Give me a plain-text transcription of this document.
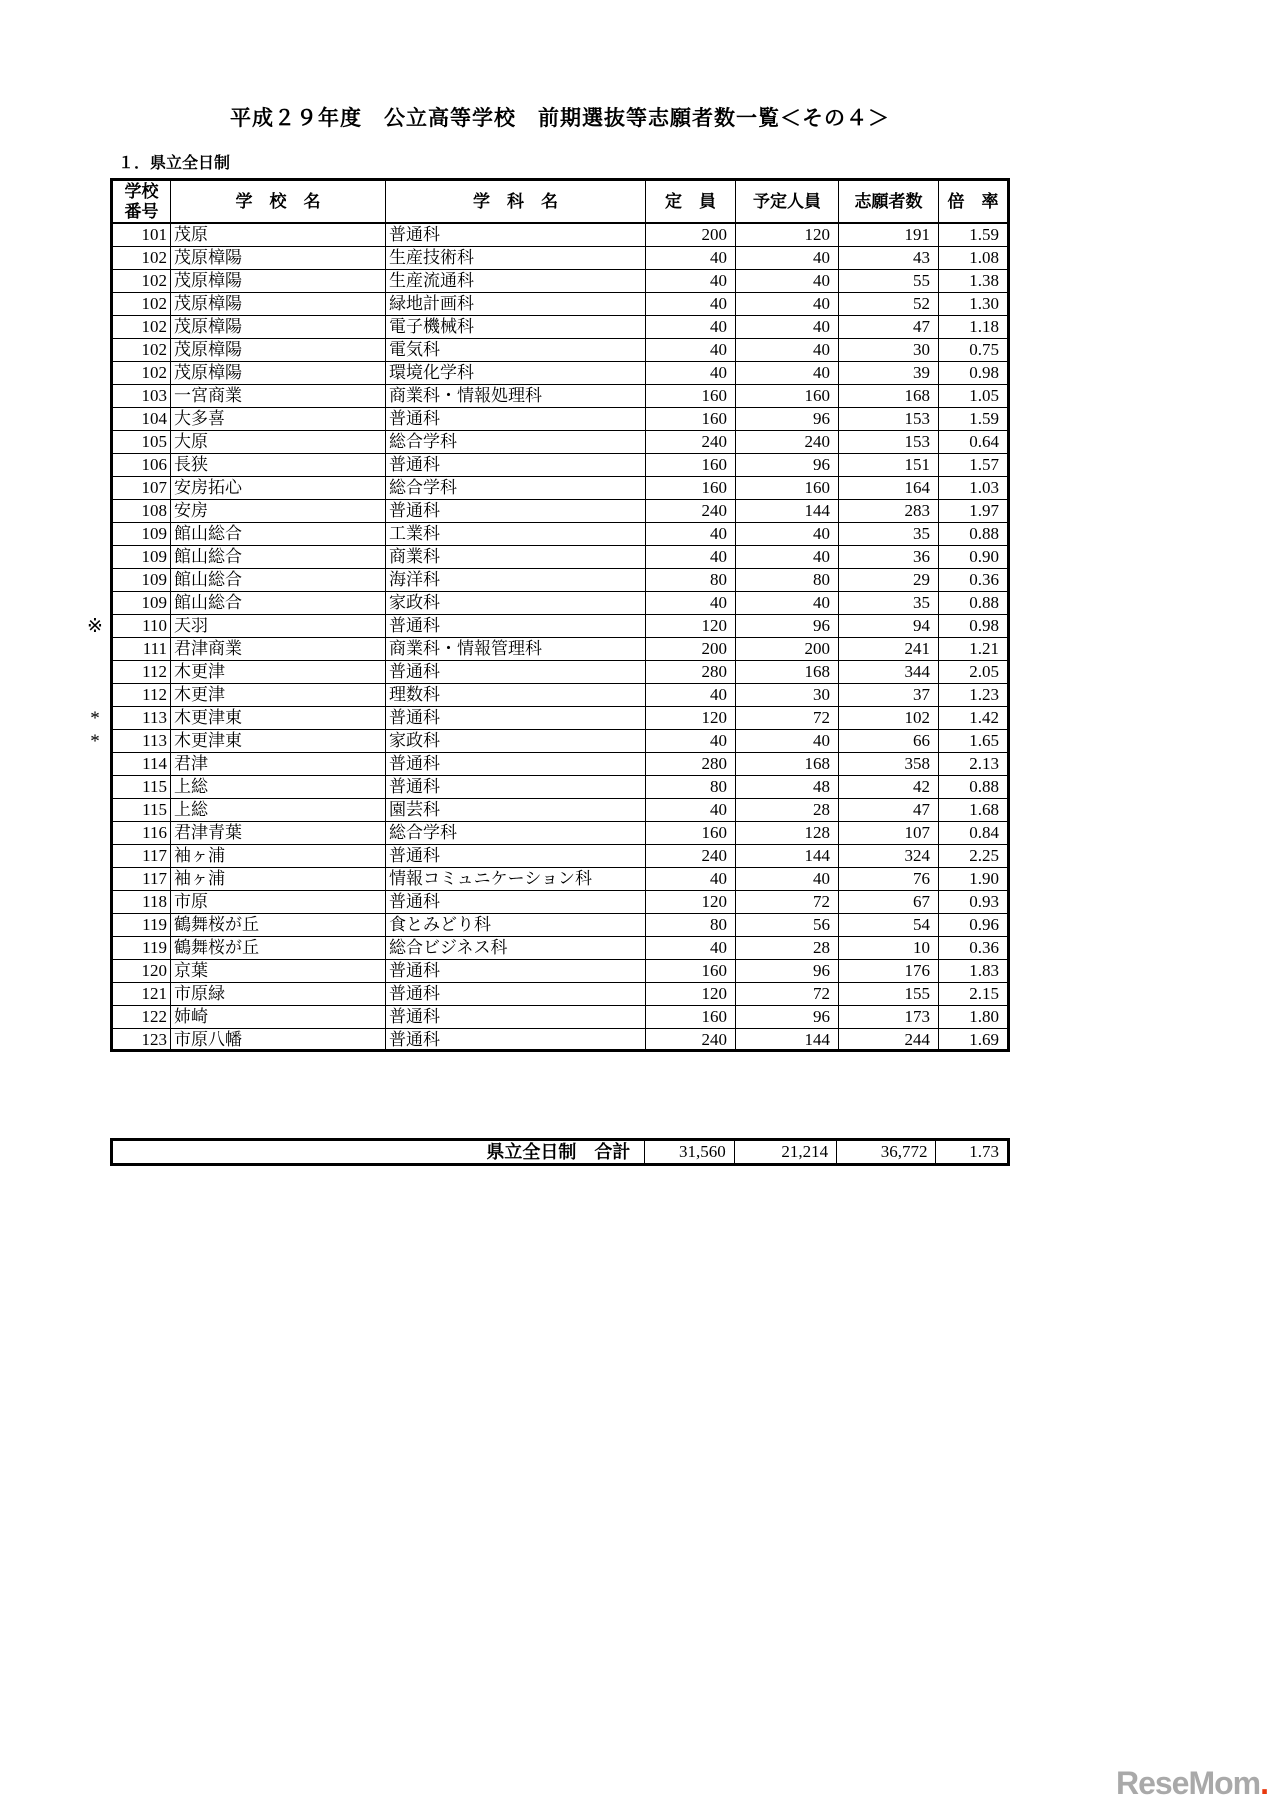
平成２９年度　公立高等学校　前期選抜等志願者数一覧＜その４＞
１．県立全日制
学校
番号
学　校　名	学　科　名	定　員 予定人員 志願者数 倍　率
101 茂原	普通科	200	120	191	1.59
102 茂原樟陽	生産技術科	40	40	43	1.08
102 茂原樟陽	生産流通科	40	40	55	1.38
102 茂原樟陽	緑地計画科	40	40	52	1.30
102 茂原樟陽	電子機械科	40	40	47	1.18
102 茂原樟陽	電気科	40	40	30	0.75
102 茂原樟陽	環境化学科	40	40	39	0.98
103 一宮商業	商業科・情報処理科	160	160	168	1.05
104 大多喜	普通科	160	96	153	1.59
105 大原	総合学科	240	240	153	0.64
106 長狭	普通科	160	96	151	1.57
107 安房拓心	総合学科	160	160	164	1.03
108 安房	普通科	240	144	283	1.97
109 館山総合	工業科	40	40	35	0.88
109 館山総合	商業科	40	40	36	0.90
109 館山総合	海洋科	80	80	29	0.36
109 館山総合	家政科	40	40	35	0.88
※	110 天羽	普通科	120	96	94	0.98
111 君津商業	商業科・情報管理科	200	200	241	1.21
112 木更津	普通科	280	168	344	2.05
112 木更津	理数科	40	30	37	1.23
*	113 木更津東	普通科	120	72	102	1.42
*	113 木更津東	家政科	40	40	66	1.65
114 君津	普通科	280	168	358	2.13
115 上総	普通科	80	48	42	0.88
115 上総	園芸科	40	28	47	1.68
116 君津青葉	総合学科	160	128	107	0.84
117 袖ヶ浦	普通科	240	144	324	2.25
117 袖ヶ浦	情報コミュニケーション科	40	40	76	1.90
118 市原	普通科	120	72	67	0.93
119 鶴舞桜が丘	食とみどり科	80	56	54	0.96
119 鶴舞桜が丘	総合ビジネス科	40	28	10	0.36
120 京葉	普通科	160	96	176	1.83
121 市原緑	普通科	120	72	155	2.15
122 姉崎	普通科	160	96	173	1.80
123 市原八幡	普通科	240	144	244	1.69
県立全日制　合計	31,560	21,214	36,772	1.73
ReseMom.
